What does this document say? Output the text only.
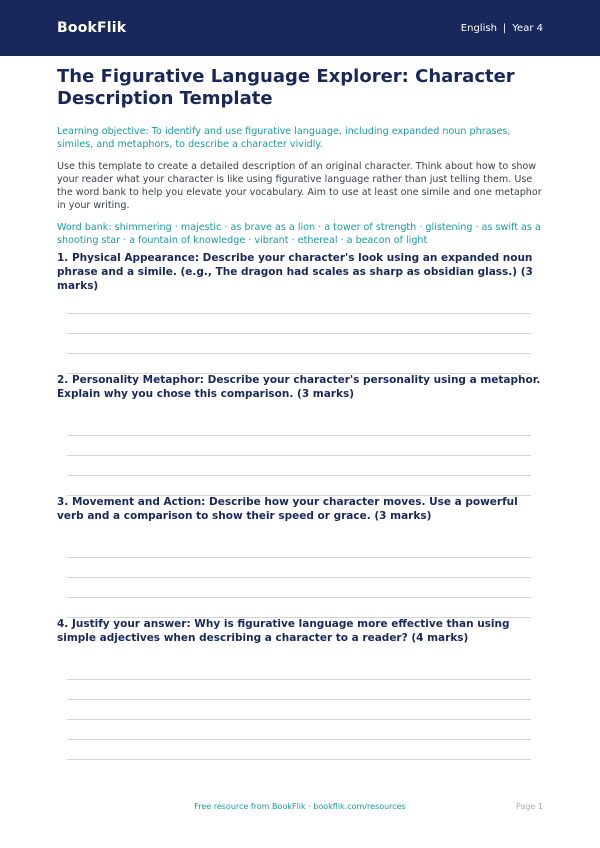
BookFlik	English | Year 4
The Figurative Language Explorer: Character Description Template

Learning objective: To identify and use figurative language, including expanded noun phrases, similes, and metaphors, to describe a character vividly.

Use this template to create a detailed description of an original character. Think about how to show your reader what your character is like using figurative language rather than just telling them. Use the word bank to help you elevate your vocabulary. Aim to use at least one simile and one metaphor in your writing.

Word bank: shimmering · majestic · as brave as a lion · a tower of strength · glistening · as swift as a shooting star · a fountain of knowledge · vibrant · ethereal · a beacon of light

1. Physical Appearance: Describe your character's look using an expanded noun phrase and a simile. (e.g., The dragon had scales as sharp as obsidian glass.) (3 marks)

2. Personality Metaphor: Describe your character's personality using a metaphor. Explain why you chose this comparison. (3 marks)

3. Movement and Action: Describe how your character moves. Use a powerful verb and a comparison to show their speed or grace. (3 marks)

4. Justify your answer: Why is figurative language more effective than using simple adjectives when describing a character to a reader? (4 marks)

Free resource from BookFlik · bookflik.com/resources	Page 1
